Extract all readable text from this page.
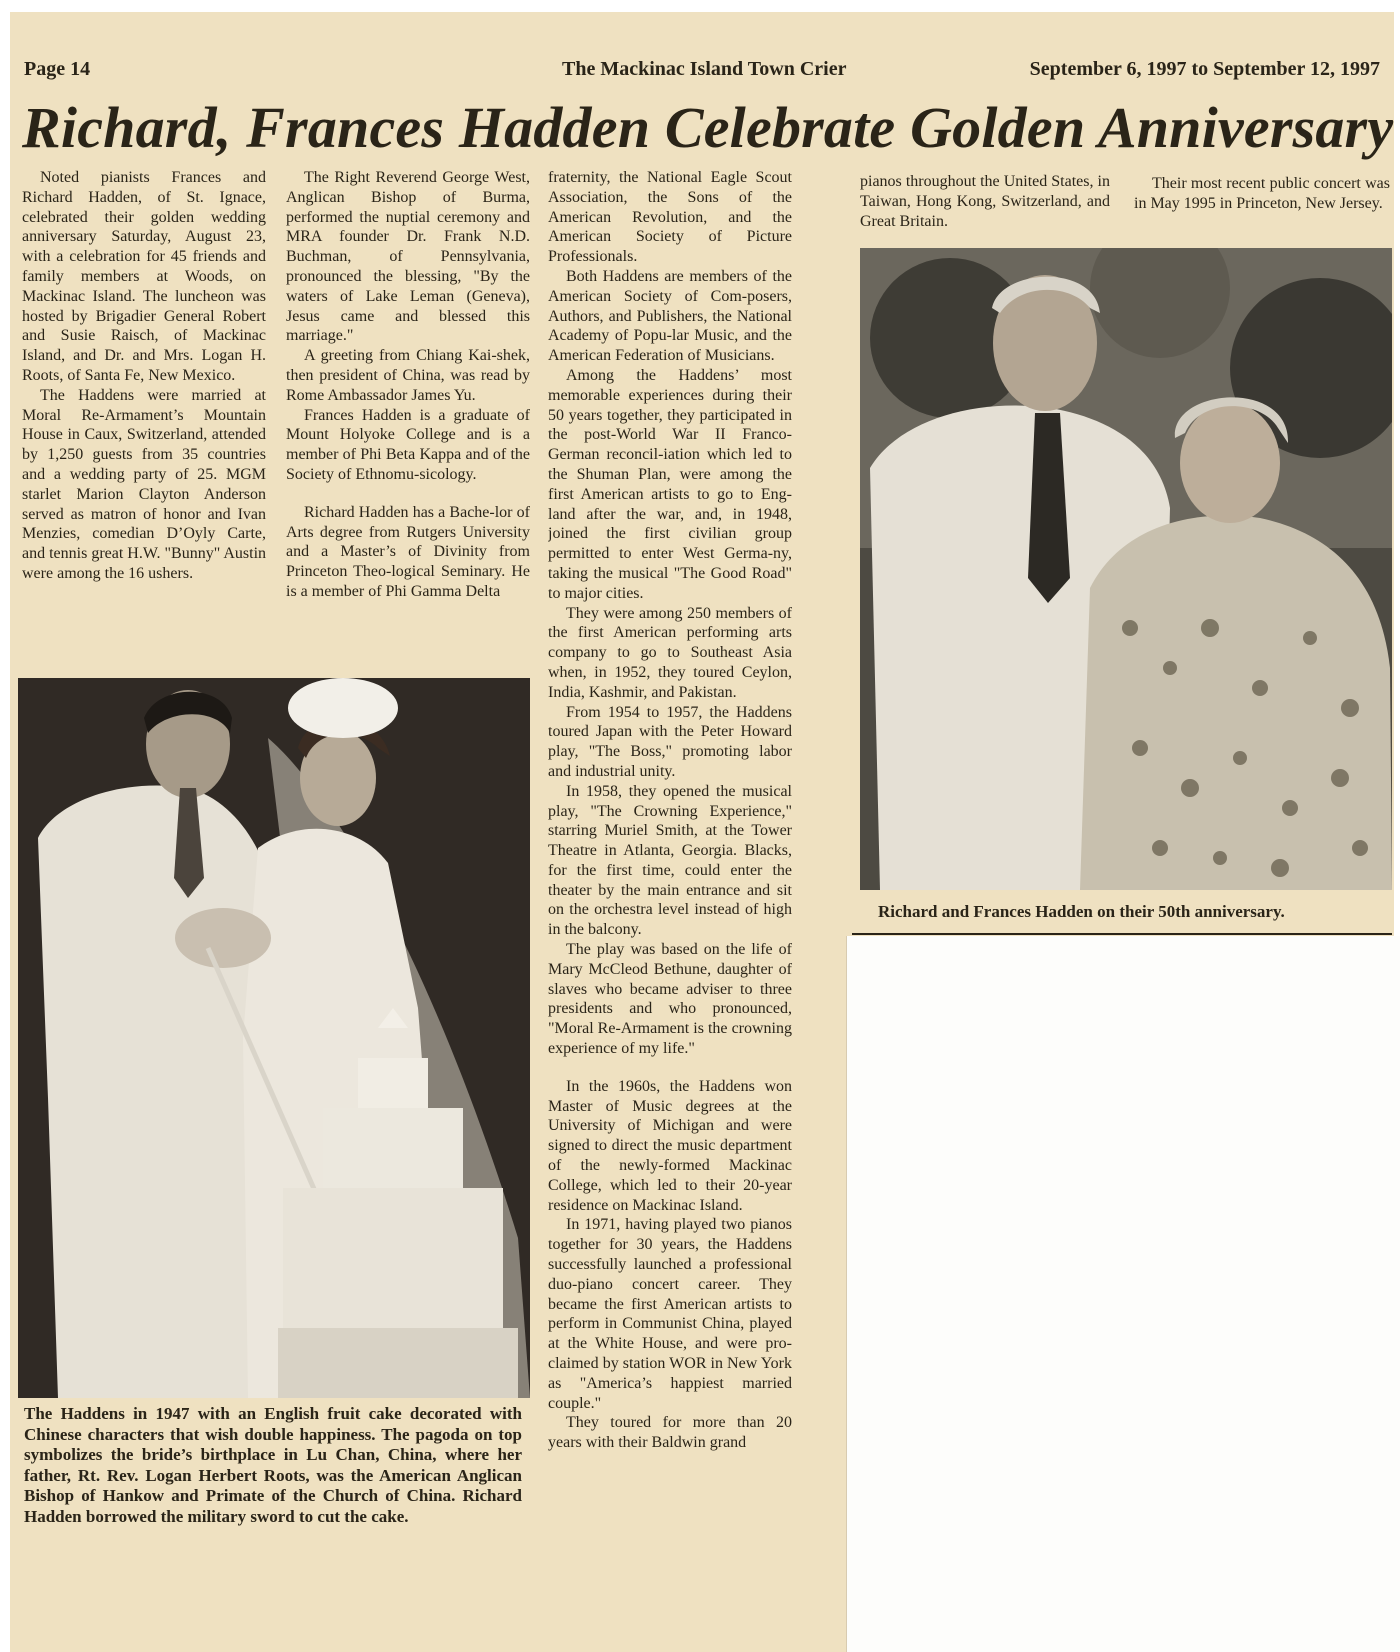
Page 14	The Mackinac Island Town Crier	September 6, 1997 to September 12, 1997
Richard, Frances Hadden Celebrate Golden Anniversary

Noted pianists Frances and Richard Hadden, of St. Ignace, celebrated their golden wedding anniversary Saturday, August 23, with a celebration for 45 friends and family members at Woods, on Mackinac Island. The luncheon was hosted by Brigadier General Robert and Susie Raisch, of Mackinac Island, and Dr. and Mrs. Logan H. Roots, of Santa Fe, New Mexico.

The Haddens were married at Moral Re-Armament’s Mountain House in Caux, Switzerland, attended by 1,250 guests from 35 countries and a wedding party of 25. MGM starlet Marion Clayton Anderson served as matron of honor and Ivan Menzies, comedian D’Oyly Carte, and tennis great H.W. "Bunny" Austin were among the 16 ushers.

The Right Reverend George West, Anglican Bishop of Burma, performed the nuptial ceremony and MRA founder Dr. Frank N.D. Buchman, of Pennsylvania, pronounced the blessing, "By the waters of Lake Leman (Geneva), Jesus came and blessed this marriage."

A greeting from Chiang Kai-shek, then president of China, was read by Rome Ambassador James Yu.

Frances Hadden is a graduate of Mount Holyoke College and is a member of Phi Beta Kappa and of the Society of Ethnomu-sicology.

Richard Hadden has a Bache-lor of Arts degree from Rutgers University and a Master’s of Divinity from Princeton Theo-logical Seminary. He is a member of Phi Gamma Delta

fraternity, the National Eagle Scout Association, the Sons of the American Revolution, and the American Society of Picture Professionals.

Both Haddens are members of the American Society of Com-posers, Authors, and Publishers, the National Academy of Popu-lar Music, and the American Federation of Musicians.

Among the Haddens’ most memorable experiences during their 50 years together, they participated in the post-World War II Franco-German reconcil-iation which led to the Shuman Plan, were among the first American artists to go to Eng-land after the war, and, in 1948, joined the first civilian group permitted to enter West Germa-ny, taking the musical "The Good Road" to major cities.

They were among 250 members of the first American performing arts company to go to Southeast Asia when, in 1952, they toured Ceylon, India, Kashmir, and Pakistan.

From 1954 to 1957, the Haddens toured Japan with the Peter Howard play, "The Boss," promoting labor and industrial unity.

In 1958, they opened the musical play, "The Crowning Experience," starring Muriel Smith, at the Tower Theatre in Atlanta, Georgia. Blacks, for the first time, could enter the theater by the main entrance and sit on the orchestra level instead of high in the balcony.

The play was based on the life of Mary McCleod Bethune, daughter of slaves who became adviser to three presidents and who pronounced, "Moral Re-Armament is the crowning experience of my life."

In the 1960s, the Haddens won Master of Music degrees at the University of Michigan and were signed to direct the music department of the newly-formed Mackinac College, which led to their 20-year residence on Mackinac Island.

In 1971, having played two pianos together for 30 years, the Haddens successfully launched a professional duo-piano concert career. They became the first American artists to perform in Communist China, played at the White House, and were pro-claimed by station WOR in New York as "America’s happiest married couple."

They toured for more than 20 years with their Baldwin grand

pianos throughout the United States, in Taiwan, Hong Kong, Switzerland, and Great Britain.

Their most recent public concert was in May 1995 in Princeton, New Jersey.

The Haddens in 1947 with an English fruit cake decorated with Chinese characters that wish double happiness. The pagoda on top symbolizes the bride’s birthplace in Lu Chan, China, where her father, Rt. Rev. Logan Herbert Roots, was the American Anglican Bishop of Hankow and Primate of the Church of China. Richard Hadden borrowed the military sword to cut the cake.
Richard and Frances Hadden on their 50th anniversary.
